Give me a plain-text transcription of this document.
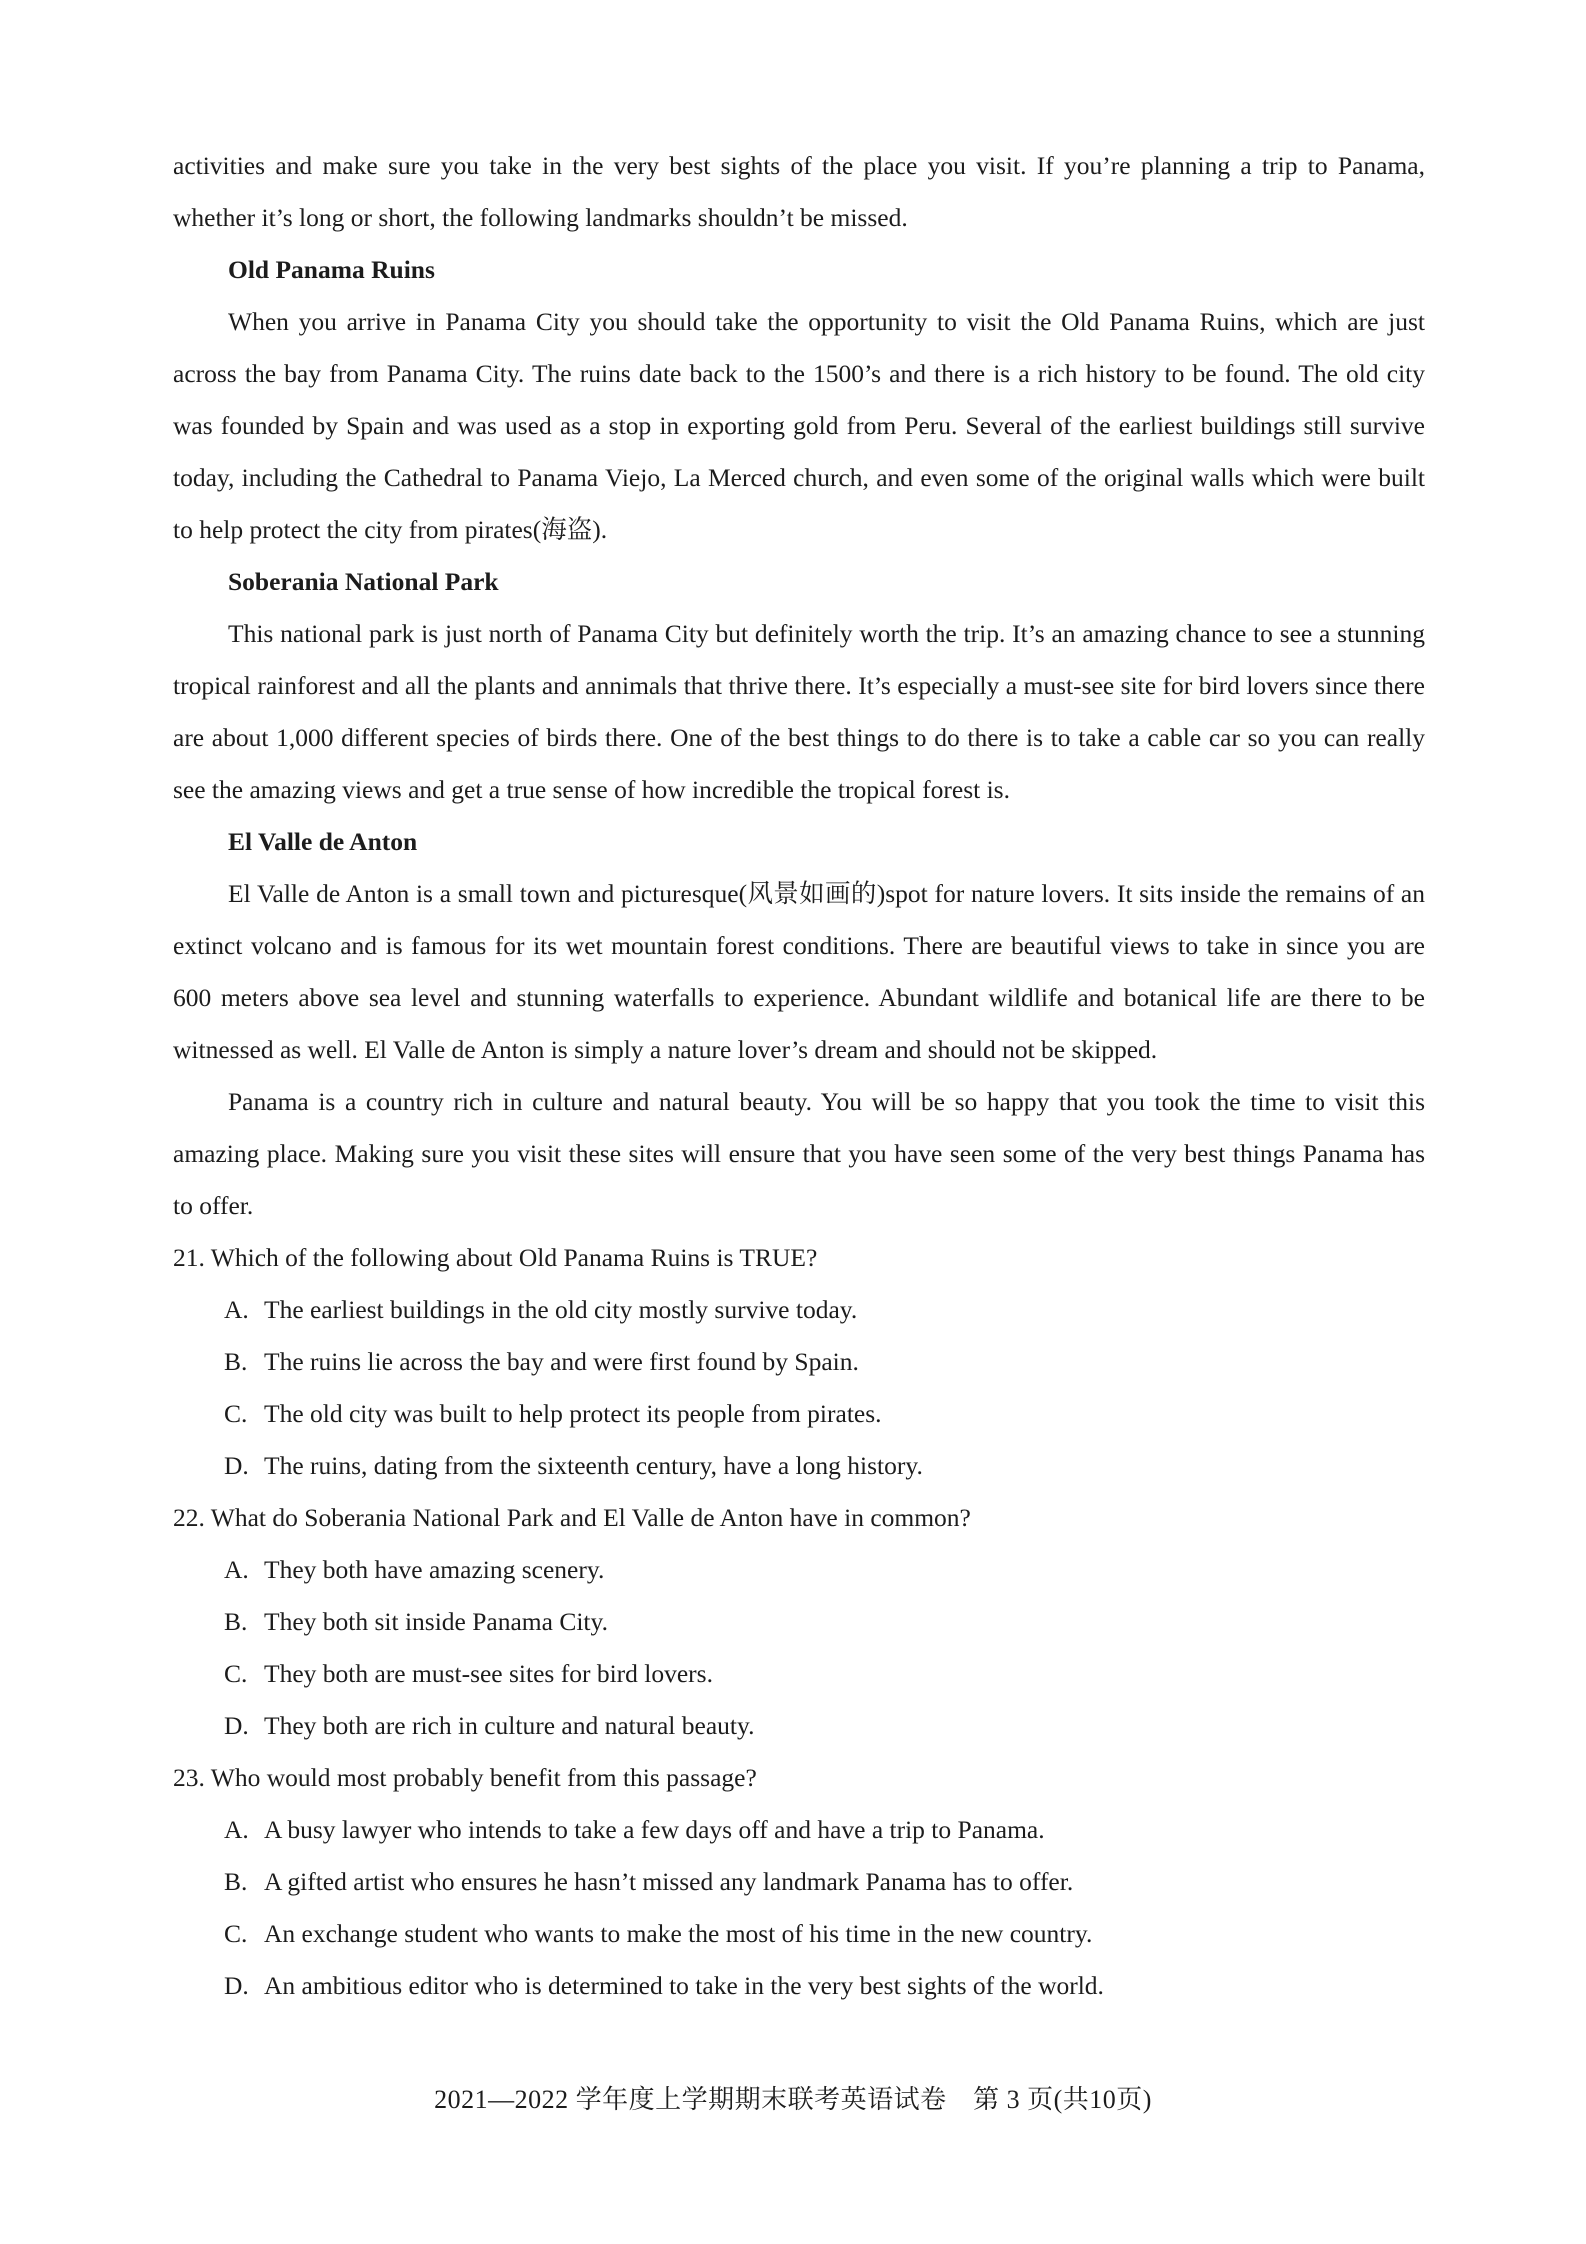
activities and make sure you take in the very best sights of the place you visit. If you’re planning a trip to Panama, whether it’s long or short, the following landmarks shouldn’t be missed.

Old Panama Ruins

When you arrive in Panama City you should take the opportunity to visit the Old Panama Ruins, which are just across the bay from Panama City. The ruins date back to the 1500’s and there is a rich history to be found. The old city was founded by Spain and was used as a stop in exporting gold from Peru. Several of the earliest buildings still survive today, including the Cathedral to Panama Viejo, La Merced church, and even some of the original walls which were built to help protect the city from pirates(海盗).

Soberania National Park

This national park is just north of Panama City but definitely worth the trip. It’s an amazing chance to see a stunning tropical rainforest and all the plants and annimals that thrive there. It’s especially a must-see site for bird lovers since there are about 1,000 different species of birds there. One of the best things to do there is to take a cable car so you can really see the amazing views and get a true sense of how incredible the tropical forest is.

El Valle de Anton

El Valle de Anton is a small town and picturesque(风景如画的)spot for nature lovers. It sits inside the remains of an extinct volcano and is famous for its wet mountain forest conditions. There are beautiful views to take in since you are 600 meters above sea level and stunning waterfalls to experience. Abundant wildlife and botanical life are there to be witnessed as well. El Valle de Anton is simply a nature lover’s dream and should not be skipped.

Panama is a country rich in culture and natural beauty. You will be so happy that you took the time to visit this amazing place. Making sure you visit these sites will ensure that you have seen some of the very best things Panama has to offer.

21. Which of the following about Old Panama Ruins is TRUE?

A. The earliest buildings in the old city mostly survive today.

B. The ruins lie across the bay and were first found by Spain.

C. The old city was built to help protect its people from pirates.

D. The ruins, dating from the sixteenth century, have a long history.

22. What do Soberania National Park and El Valle de Anton have in common?

A. They both have amazing scenery.

B. They both sit inside Panama City.

C. They both are must-see sites for bird lovers.

D. They both are rich in culture and natural beauty.

23. Who would most probably benefit from this passage?

A. A busy lawyer who intends to take a few days off and have a trip to Panama.

B. A gifted artist who ensures he hasn’t missed any landmark Panama has to offer.

C. An exchange student who wants to make the most of his time in the new country.

D. An ambitious editor who is determined to take in the very best sights of the world.

2021—2022 学年度上学期期末联考英语试卷　第 3 页(共10页)
